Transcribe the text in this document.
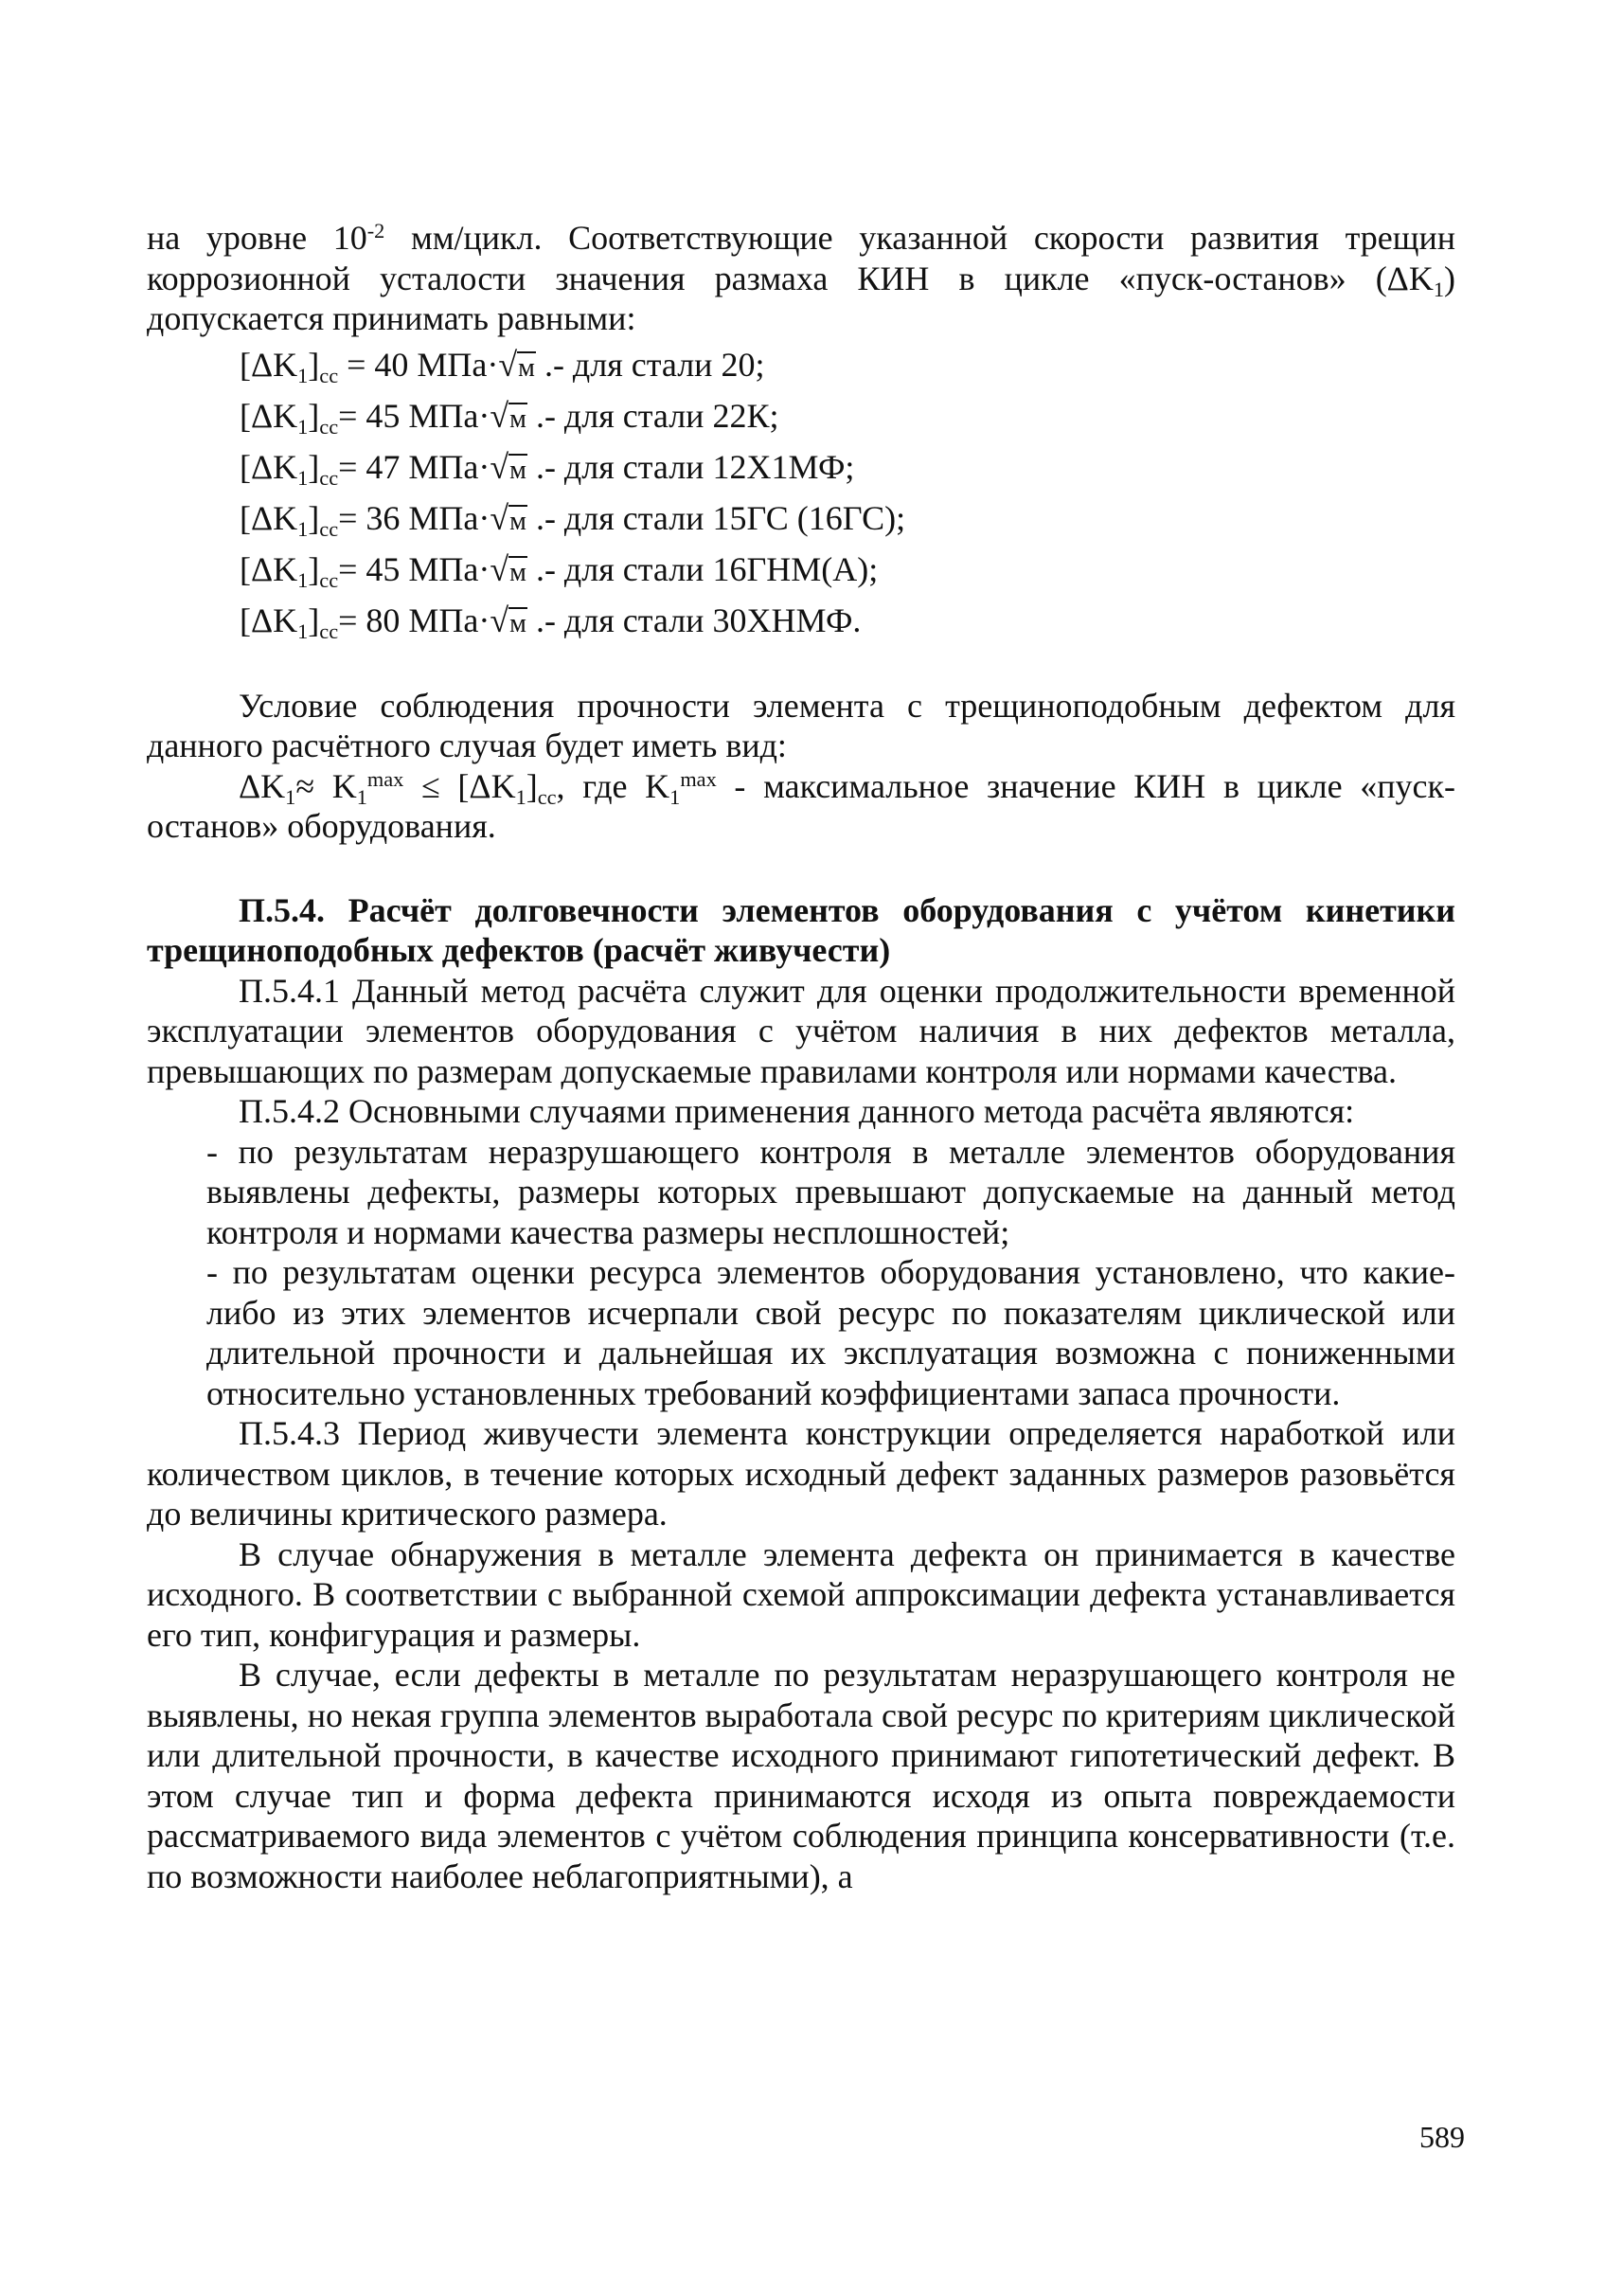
на уровне $10^{-2}$ мм/цикл. Соответствующие указанной скорости развития трещин коррозионной усталости значения размаха КИН в цикле «пуск-останов» $(\Delta K_1)$ допускается принимать равными:

$[\Delta K_1]_{cc} = 40$ МПа·√м .- для стали 20;
$[\Delta K_1]_{cc}= 45$ МПа·√м .- для стали 22К;
$[\Delta K_1]_{cc}= 47$ МПа·√м .- для стали 12Х1МФ;
$[\Delta K_1]_{cc}= 36$ МПа·√м .- для стали 15ГС (16ГС);
$[\Delta K_1]_{cc}= 45$ МПа·√м .- для стали 16ГНМ(А);
$[\Delta K_1]_{cc}= 80$ МПа·√м .- для стали 30ХНМФ.

Условие соблюдения прочности элемента с трещиноподобным дефектом для данного расчётного случая будет иметь вид:

$\Delta K_1\approx K_1^{max} \le [\Delta K_1]_{cc}$, где $K_1^{max}$ - максимальное значение КИН в цикле «пуск-останов» оборудования.

П.5.4. Расчёт долговечности элементов оборудования с учётом кинетики трещиноподобных дефектов (расчёт живучести)

П.5.4.1 Данный метод расчёта служит для оценки продолжительности временной эксплуатации элементов оборудования с учётом наличия в них дефектов металла, превышающих по размерам допускаемые правилами контроля или нормами качества.

П.5.4.2 Основными случаями применения данного метода расчёта являются:

- по результатам неразрушающего контроля в металле элементов оборудования выявлены дефекты, размеры которых превышают допускаемые на данный метод контроля и нормами качества размеры несплошностей;

- по результатам оценки ресурса элементов оборудования установлено, что какие-либо из этих элементов исчерпали свой ресурс по показателям циклической или длительной прочности и дальнейшая их эксплуатация возможна с пониженными относительно установленных требований коэффициентами запаса прочности.

П.5.4.3 Период живучести элемента конструкции определяется наработкой или количеством циклов, в течение которых исходный дефект заданных размеров разовьётся до величины критического размера.

В случае обнаружения в металле элемента дефекта он принимается в качестве исходного. В соответствии с выбранной схемой аппроксимации дефекта устанавливается его тип, конфигурация и размеры.

В случае, если дефекты в металле по результатам неразрушающего контроля не выявлены, но некая группа элементов выработала свой ресурс по критериям циклической или длительной прочности, в качестве исходного принимают гипотетический дефект. В этом случае тип и форма дефекта принимаются исходя из опыта повреждаемости рассматриваемого вида элементов с учётом соблюдения принципа консервативности (т.е. по возможности наиболее неблагоприятными), а

589
